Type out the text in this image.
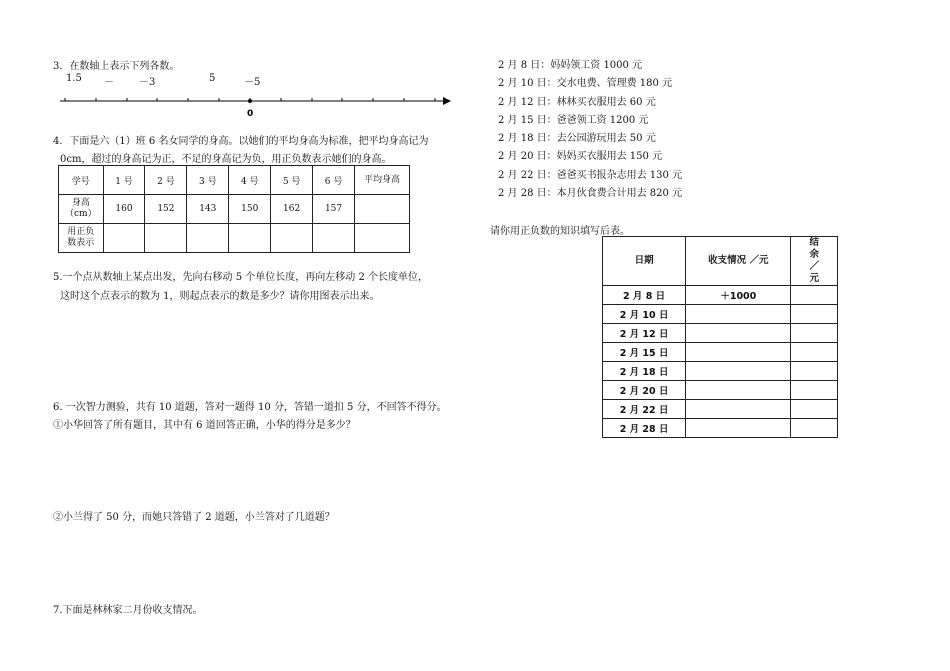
3．在数轴上表示下列各数。
1.5 －	－3	5	－5
0
4．下面是六（1）班 6 名女同学的身高。以她们的平均身高为标准，把平均身高记为
0cm，超过的身高记为正，不足的身高记为负，用正负数表示她们的身高。
学号	1 号	2 号	3 号	4 号	5 号	6 号	平均身高
身高（cm）	160	152	143	150	162	157	
用正负数表示							
5.一个点从数轴上某点出发，先向右移动 5 个单位长度，再向左移动 2 个长度单位，
这时这个点表示的数为 1，则起点表示的数是多少？请你用图表示出来。
6. 一次智力测验，共有 10 道题，答对一题得 10 分，答错一道扣 5 分，不回答不得分。
①小华回答了所有题目，其中有 6 道回答正确，小华的得分是多少？
②小兰得了 50 分，而她只答错了 2 道题，小兰答对了几道题？
7.下面是林林家二月份收支情况。
2 月 8 日：妈妈领工资 1000 元
2 月 10 日：交水电费、管理费 180 元
2 月 12 日：林林买衣服用去 60 元
2 月 15 日：爸爸领工资 1200 元
2 月 18 日：去公园游玩用去 50 元
2 月 20 日：妈妈买衣服用去 150 元
2 月 22 日：爸爸买书报杂志用去 130 元
2 月 28 日：本月伙食费合计用去 820 元
请你用正负数的知识填写后表。
日期	收支情况 ／元	结余 ／元
2 月 8 日	＋1000	
2 月 10 日		
2 月 12 日		
2 月 15 日		
2 月 18 日		
2 月 20 日		
2 月 22 日		
2 月 28 日		
